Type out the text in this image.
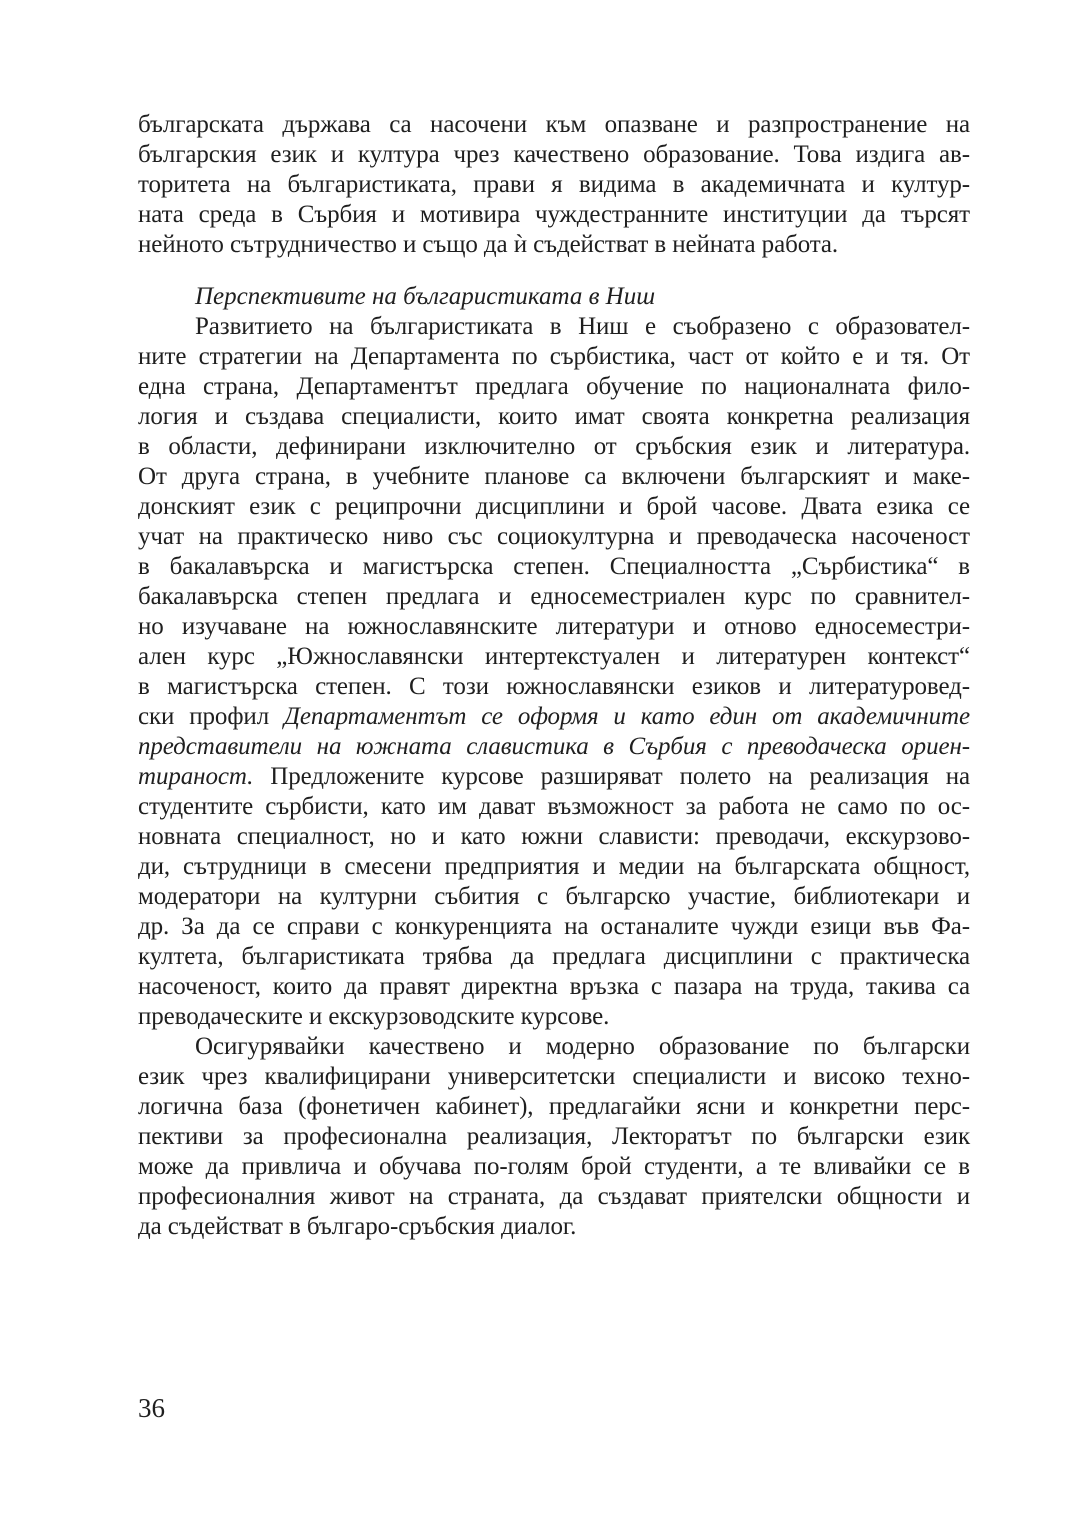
българската държава са насочени към опазване и разпространение на
българския език и култура чрез качествено образование. Това издига ав-
торитета на българистиката, прави я видима в академичната и култур-
ната среда в Сърбия и мотивира чуждестранните институции да търсят
нейното сътрудничество и също да ѝ съдействат в нейната работа.
Перспективите на българистиката в Ниш
Развитието на българистиката в Ниш е съобразено с образовател-
ните стратегии на Департамента по сърбистика, част от който е и тя. От
една страна, Департаментът предлага обучение по националната фило-
логия и създава специалисти, които имат своята конкретна реализация
в области, дефинирани изключително от сръбския език и литература.
От друга страна, в учебните планове са включени българският и маке-
донският език с реципрочни дисциплини и брой часове. Двата езика се
учат на практическо ниво със социокултурна и преводаческа насоченост
в бакалавърска и магистърска степен. Специалността „Сърбистика“ в
бакалавърска степен предлага и едносеместриален курс по сравнител-
но изучаване на южнославянските литератури и отново едносеместри-
ален курс „Южнославянски интертекстуален и литературен контекст“
в магистърска степен. С този южнославянски езиков и литературовед-
ски профил Департаментът се оформя и като един от академичните
представители на южната славистика в Сърбия с преводаческа ориен-
тираност. Предложените курсове разширяват полето на реализация на
студентите сърбисти, като им дават възможност за работа не само по ос-
новната специалност, но и като южни слависти: преводачи, екскурзово-
ди, сътрудници в смесени предприятия и медии на българската общност,
модератори на културни събития с българско участие, библиотекари и
др. За да се справи с конкуренцията на останалите чужди езици във Фа-
култета, българистиката трябва да предлага дисциплини с практическа
насоченост, които да правят директна връзка с пазара на труда, такива са
преводаческите и екскурзоводските курсове.
Осигурявайки качествено и модерно образование по български
език чрез квалифицирани университетски специалисти и високо техно-
логична база (фонетичен кабинет), предлагайки ясни и конкретни перс-
пективи за професионална реализация, Лекторатът по български език
може да привлича и обучава по-голям брой студенти, а те вливайки се в
професионалния живот на страната, да създават приятелски общности и
да съдействат в българо-сръбския диалог.
36
